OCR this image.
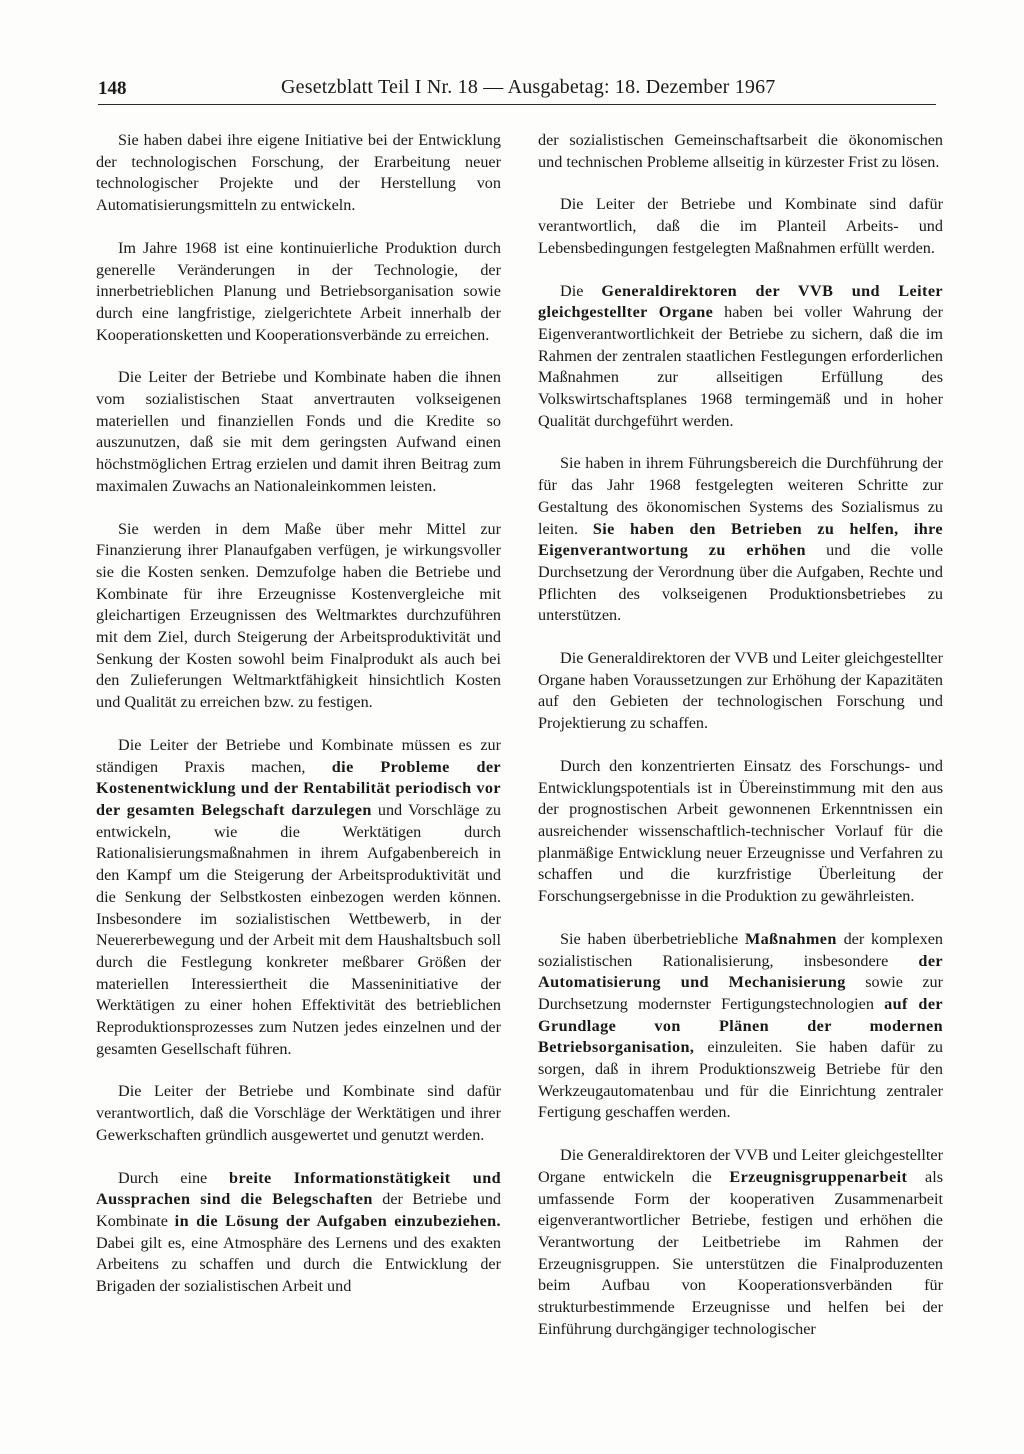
148	Gesetzblatt Teil I Nr. 18 — Ausgabetag: 18. Dezember 1967

Sie haben dabei ihre eigene Initiative bei der Entwicklung der technologischen Forschung, der Erarbeitung neuer technologischer Projekte und der Herstellung von Automatisierungsmitteln zu entwickeln.

Im Jahre 1968 ist eine kontinuierliche Produktion durch generelle Veränderungen in der Technologie, der innerbetrieblichen Planung und Betriebsorganisation sowie durch eine langfristige, zielgerichtete Arbeit innerhalb der Kooperationsketten und Kooperationsverbände zu erreichen.

Die Leiter der Betriebe und Kombinate haben die ihnen vom sozialistischen Staat anvertrauten volkseigenen materiellen und finanziellen Fonds und die Kredite so auszunutzen, daß sie mit dem geringsten Aufwand einen höchstmöglichen Ertrag erzielen und damit ihren Beitrag zum maximalen Zuwachs an Nationaleinkommen leisten.

Sie werden in dem Maße über mehr Mittel zur Finanzierung ihrer Planaufgaben verfügen, je wirkungsvoller sie die Kosten senken. Demzufolge haben die Betriebe und Kombinate für ihre Erzeugnisse Kostenvergleiche mit gleichartigen Erzeugnissen des Weltmarktes durchzuführen mit dem Ziel, durch Steigerung der Arbeitsproduktivität und Senkung der Kosten sowohl beim Finalprodukt als auch bei den Zulieferungen Weltmarktfähigkeit hinsichtlich Kosten und Qualität zu erreichen bzw. zu festigen.

Die Leiter der Betriebe und Kombinate müssen es zur ständigen Praxis machen, die Probleme der Kostenentwicklung und der Rentabilität periodisch vor der gesamten Belegschaft darzulegen und Vorschläge zu entwickeln, wie die Werktätigen durch Rationalisierungsmaßnahmen in ihrem Aufgabenbereich in den Kampf um die Steigerung der Arbeitsproduktivität und die Senkung der Selbstkosten einbezogen werden können. Insbesondere im sozialistischen Wettbewerb, in der Neuererbewegung und der Arbeit mit dem Haushaltsbuch soll durch die Festlegung konkreter meßbarer Größen der materiellen Interessiertheit die Masseninitiative der Werktätigen zu einer hohen Effektivität des betrieblichen Reproduktionsprozesses zum Nutzen jedes einzelnen und der gesamten Gesellschaft führen.

Die Leiter der Betriebe und Kombinate sind dafür verantwortlich, daß die Vorschläge der Werktätigen und ihrer Gewerkschaften gründlich ausgewertet und genutzt werden.

Durch eine breite Informationstätigkeit und Aussprachen sind die Belegschaften der Betriebe und Kombinate in die Lösung der Aufgaben einzubeziehen. Dabei gilt es, eine Atmosphäre des Lernens und des exakten Arbeitens zu schaffen und durch die Entwicklung der Brigaden der sozialistischen Arbeit und

der sozialistischen Gemeinschaftsarbeit die ökonomischen und technischen Probleme allseitig in kürzester Frist zu lösen.

Die Leiter der Betriebe und Kombinate sind dafür verantwortlich, daß die im Planteil Arbeits- und Lebensbedingungen festgelegten Maßnahmen erfüllt werden.

Die Generaldirektoren der VVB und Leiter gleichgestellter Organe haben bei voller Wahrung der Eigenverantwortlichkeit der Betriebe zu sichern, daß die im Rahmen der zentralen staatlichen Festlegungen erforderlichen Maßnahmen zur allseitigen Erfüllung des Volkswirtschaftsplanes 1968 termingemäß und in hoher Qualität durchgeführt werden.

Sie haben in ihrem Führungsbereich die Durchführung der für das Jahr 1968 festgelegten weiteren Schritte zur Gestaltung des ökonomischen Systems des Sozialismus zu leiten. Sie haben den Betrieben zu helfen, ihre Eigenverantwortung zu erhöhen und die volle Durchsetzung der Verordnung über die Aufgaben, Rechte und Pflichten des volkseigenen Produktionsbetriebes zu unterstützen.

Die Generaldirektoren der VVB und Leiter gleichgestellter Organe haben Voraussetzungen zur Erhöhung der Kapazitäten auf den Gebieten der technologischen Forschung und Projektierung zu schaffen.

Durch den konzentrierten Einsatz des Forschungs- und Entwicklungspotentials ist in Übereinstimmung mit den aus der prognostischen Arbeit gewonnenen Erkenntnissen ein ausreichender wissenschaftlich-technischer Vorlauf für die planmäßige Entwicklung neuer Erzeugnisse und Verfahren zu schaffen und die kurzfristige Überleitung der Forschungsergebnisse in die Produktion zu gewährleisten.

Sie haben überbetriebliche Maßnahmen der komplexen sozialistischen Rationalisierung, insbesondere der Automatisierung und Mechanisierung sowie zur Durchsetzung modernster Fertigungstechnologien auf der Grundlage von Plänen der modernen Betriebsorganisation, einzuleiten. Sie haben dafür zu sorgen, daß in ihrem Produktionszweig Betriebe für den Werkzeugautomatenbau und für die Einrichtung zentraler Fertigung geschaffen werden.

Die Generaldirektoren der VVB und Leiter gleichgestellter Organe entwickeln die Erzeugnisgruppenarbeit als umfassende Form der kooperativen Zusammenarbeit eigenverantwortlicher Betriebe, festigen und erhöhen die Verantwortung der Leitbetriebe im Rahmen der Erzeugnisgruppen. Sie unterstützen die Finalproduzenten beim Aufbau von Kooperationsverbänden für strukturbestimmende Erzeugnisse und helfen bei der Einführung durchgängiger technologischer
